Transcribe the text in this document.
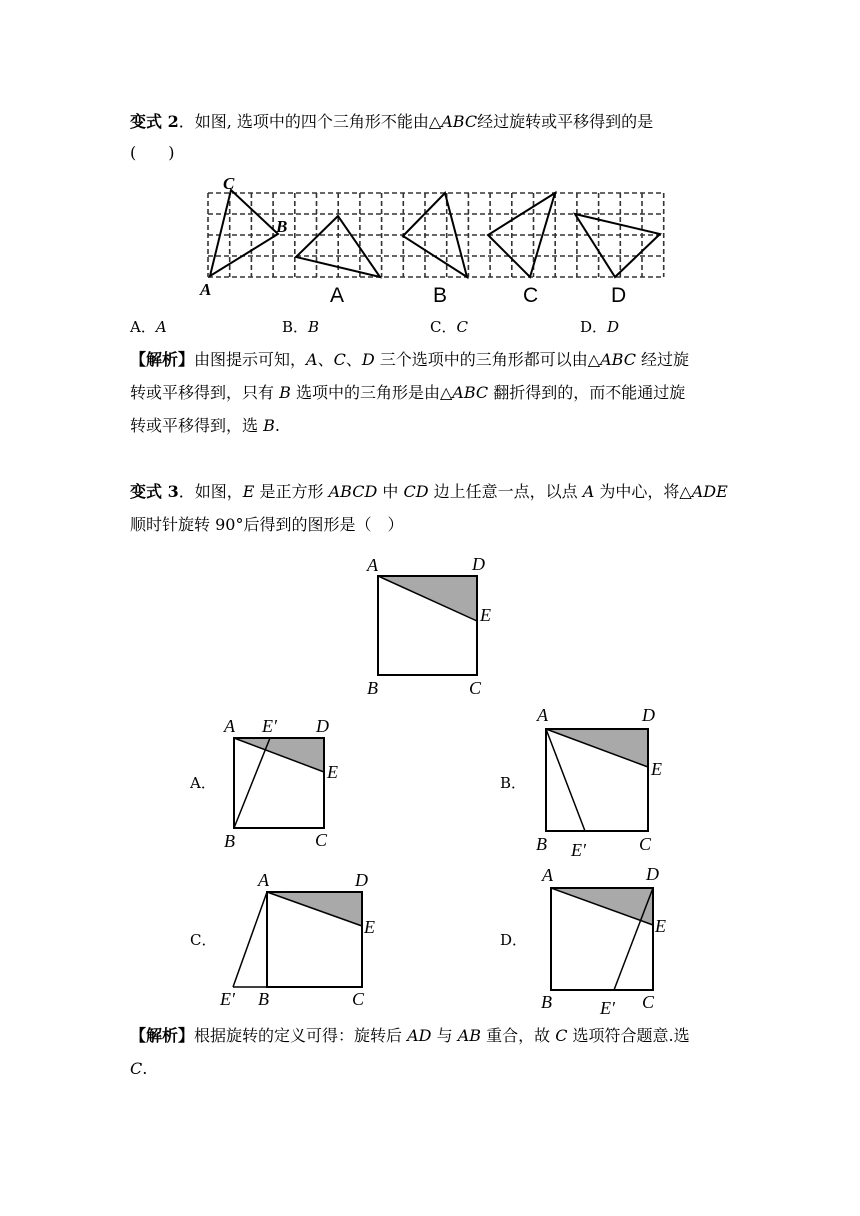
变式 2．如图, 选项中的四个三角形不能由△ABC经过旋转或平移得到的是
(　　)
C
B
A	A	B	C	D
A．A	B．B	C．C	D．D
【解析】由图提示可知，A、C、D 三个选项中的三角形都可以由△ABC 经过旋
转或平移得到，只有 B 选项中的三角形是由△ABC 翻折得到的，而不能通过旋
转或平移得到，选 B.
变式 3．如图，E 是正方形 ABCD 中 CD 边上任意一点，以点 A 为中心，将△ADE
顺时针旋转 90°后得到的图形是（　）
A	D
E
B	C
A E′ D
E
B	C
A	D
E
B E′	C
A	D
E
E′ B	C
A	D
E
B	E′ C
A．	B．
C．	D．
【解析】根据旋转的定义可得：旋转后 AD 与 AB 重合，故 C 选项符合题意.选
C.
